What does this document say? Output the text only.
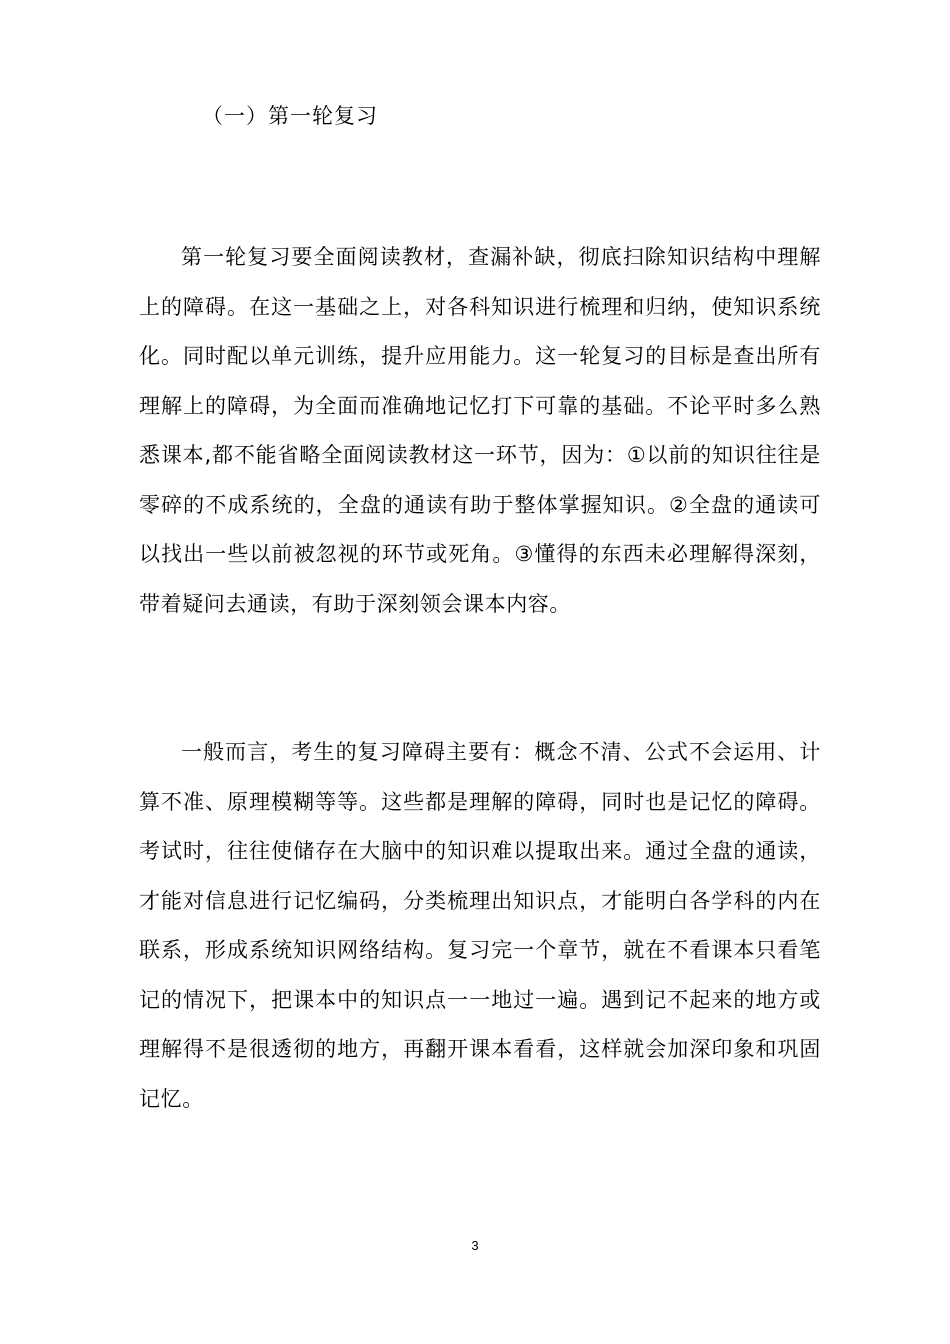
（一）第一轮复习

第一轮复习要全面阅读教材，查漏补缺，彻底扫除知识结构中理解上的障碍。在这一基础之上，对各科知识进行梳理和归纳，使知识系统化。同时配以单元训练，提升应用能力。这一轮复习的目标是查出所有理解上的障碍，为全面而准确地记忆打下可靠的基础。不论平时多么熟悉课本,都不能省略全面阅读教材这一环节，因为：①以前的知识往往是零碎的不成系统的，全盘的通读有助于整体掌握知识。②全盘的通读可以找出一些以前被忽视的环节或死角。③懂得的东西未必理解得深刻，带着疑问去通读，有助于深刻领会课本内容。

一般而言，考生的复习障碍主要有：概念不清、公式不会运用、计算不准、原理模糊等等。这些都是理解的障碍，同时也是记忆的障碍。考试时，往往使储存在大脑中的知识难以提取出来。通过全盘的通读，才能对信息进行记忆编码，分类梳理出知识点，才能明白各学科的内在联系，形成系统知识网络结构。复习完一个章节，就在不看课本只看笔记的情况下，把课本中的知识点一一地过一遍。遇到记不起来的地方或理解得不是很透彻的地方，再翻开课本看看，这样就会加深印象和巩固记忆。

3
